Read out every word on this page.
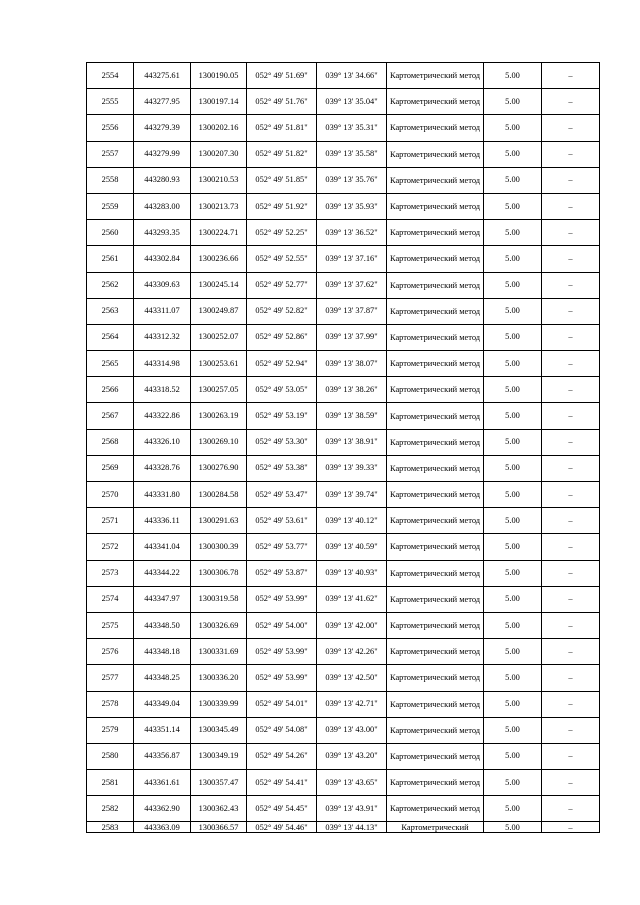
2554	443275.61	1300190.05	052° 49' 51.69"	039° 13' 34.66"	Картометрический метод	5.00	–
2555	443277.95	1300197.14	052° 49' 51.76"	039° 13' 35.04"	Картометрический метод	5.00	–
2556	443279.39	1300202.16	052° 49' 51.81"	039° 13' 35.31"	Картометрический метод	5.00	–
2557	443279.99	1300207.30	052° 49' 51.82"	039° 13' 35.58"	Картометрический метод	5.00	–
2558	443280.93	1300210.53	052° 49' 51.85"	039° 13' 35.76"	Картометрический метод	5.00	–
2559	443283.00	1300213.73	052° 49' 51.92"	039° 13' 35.93"	Картометрический метод	5.00	–
2560	443293.35	1300224.71	052° 49' 52.25"	039° 13' 36.52"	Картометрический метод	5.00	–
2561	443302.84	1300236.66	052° 49' 52.55"	039° 13' 37.16"	Картометрический метод	5.00	–
2562	443309.63	1300245.14	052° 49' 52.77"	039° 13' 37.62"	Картометрический метод	5.00	–
2563	443311.07	1300249.87	052° 49' 52.82"	039° 13' 37.87"	Картометрический метод	5.00	–
2564	443312.32	1300252.07	052° 49' 52.86"	039° 13' 37.99"	Картометрический метод	5.00	–
2565	443314.98	1300253.61	052° 49' 52.94"	039° 13' 38.07"	Картометрический метод	5.00	–
2566	443318.52	1300257.05	052° 49' 53.05"	039° 13' 38.26"	Картометрический метод	5.00	–
2567	443322.86	1300263.19	052° 49' 53.19"	039° 13' 38.59"	Картометрический метод	5.00	–
2568	443326.10	1300269.10	052° 49' 53.30"	039° 13' 38.91"	Картометрический метод	5.00	–
2569	443328.76	1300276.90	052° 49' 53.38"	039° 13' 39.33"	Картометрический метод	5.00	–
2570	443331.80	1300284.58	052° 49' 53.47"	039° 13' 39.74"	Картометрический метод	5.00	–
2571	443336.11	1300291.63	052° 49' 53.61"	039° 13' 40.12"	Картометрический метод	5.00	–
2572	443341.04	1300300.39	052° 49' 53.77"	039° 13' 40.59"	Картометрический метод	5.00	–
2573	443344.22	1300306.78	052° 49' 53.87"	039° 13' 40.93"	Картометрический метод	5.00	–
2574	443347.97	1300319.58	052° 49' 53.99"	039° 13' 41.62"	Картометрический метод	5.00	–
2575	443348.50	1300326.69	052° 49' 54.00"	039° 13' 42.00"	Картометрический метод	5.00	–
2576	443348.18	1300331.69	052° 49' 53.99"	039° 13' 42.26"	Картометрический метод	5.00	–
2577	443348.25	1300336.20	052° 49' 53.99"	039° 13' 42.50"	Картометрический метод	5.00	–
2578	443349.04	1300339.99	052° 49' 54.01"	039° 13' 42.71"	Картометрический метод	5.00	–
2579	443351.14	1300345.49	052° 49' 54.08"	039° 13' 43.00"	Картометрический метод	5.00	–
2580	443356.87	1300349.19	052° 49' 54.26"	039° 13' 43.20"	Картометрический метод	5.00	–
2581	443361.61	1300357.47	052° 49' 54.41"	039° 13' 43.65"	Картометрический метод	5.00	–
2582	443362.90	1300362.43	052° 49' 54.45"	039° 13' 43.91"	Картометрический метод	5.00	–
2583	443363.09	1300366.57	052° 49' 54.46"	039° 13' 44.13"	Картометрический	5.00	–
